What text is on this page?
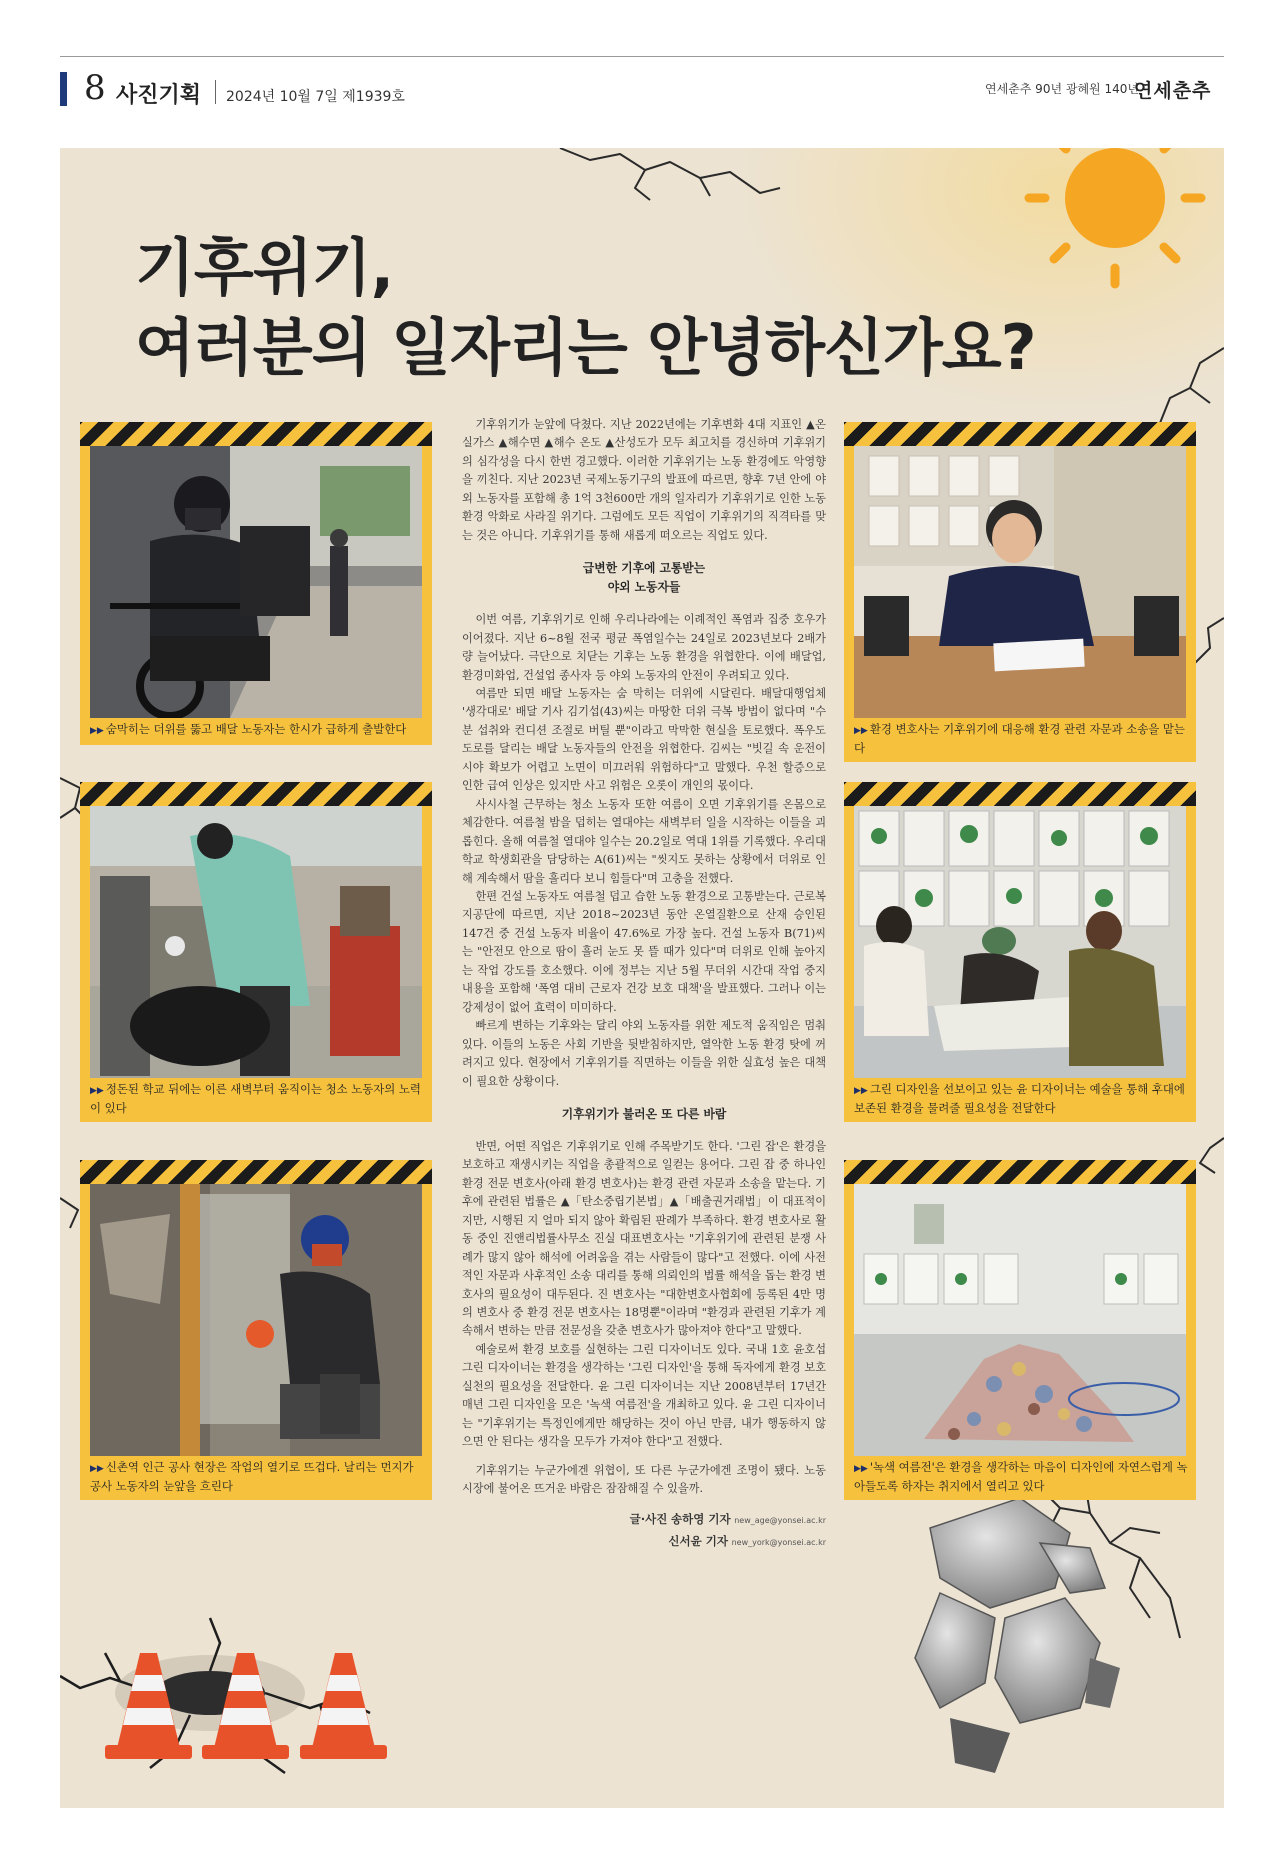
8 사진기획 2024년 10월 7일 제1939호	연세춘추 90년 광혜원 140년
연세춘추
기후위기,
여러분의 일자리는 안녕하신가요?
▶▶ 숨막히는 더위를 뚫고 배달 노동자는 한시가 급하게 출발한다
▶▶ 정돈된 학교 뒤에는 이른 새벽부터 움직이는 청소 노동자의 노력이 있다
▶▶ 신촌역 인근 공사 현장은 작업의 열기로 뜨겁다. 날리는 먼지가 공사 노동자의 눈앞을 흐린다
▶▶ 환경 변호사는 기후위기에 대응해 환경 관련 자문과 소송을 맡는다
▶▶ 그린 디자인을 선보이고 있는 윤 디자이너는 예술을 통해 후대에 보존된 환경을 물려줄 필요성을 전달한다
▶▶ '녹색 여름전'은 환경을 생각하는 마음이 디자인에 자연스럽게 녹아들도록 하자는 취지에서 열리고 있다

기후위기가 눈앞에 닥쳤다. 지난 2022년에는 기후변화 4대 지표인 ▲온실가스 ▲해수면 ▲해수 온도 ▲산성도가 모두 최고치를 경신하며 기후위기의 심각성을 다시 한번 경고했다. 이러한 기후위기는 노동 환경에도 악영향을 끼친다. 지난 2023년 국제노동기구의 발표에 따르면, 향후 7년 안에 야외 노동자를 포함해 총 1억 3천600만 개의 일자리가 기후위기로 인한 노동 환경 악화로 사라질 위기다. 그럼에도 모든 직업이 기후위기의 직격타를 맞는 것은 아니다. 기후위기를 통해 새롭게 떠오르는 직업도 있다.

급변한 기후에 고통받는
야외 노동자들

이번 여름, 기후위기로 인해 우리나라에는 이례적인 폭염과 집중 호우가 이어졌다. 지난 6~8월 전국 평균 폭염일수는 24일로 2023년보다 2배가량 늘어났다. 극단으로 치닫는 기후는 노동 환경을 위협한다. 이에 배달업, 환경미화업, 건설업 종사자 등 야외 노동자의 안전이 우려되고 있다.

여름만 되면 배달 노동자는 숨 막히는 더위에 시달린다. 배달대행업체 '생각대로' 배달 기사 김기섭(43)씨는 마땅한 더위 극복 방법이 없다며 "수분 섭취와 컨디션 조절로 버틸 뿐"이라고 막막한 현실을 토로했다. 폭우도 도로를 달리는 배달 노동자들의 안전을 위협한다. 김씨는 "빗길 속 운전이 시야 확보가 어렵고 노면이 미끄러워 위험하다"고 말했다. 우천 할증으로 인한 급여 인상은 있지만 사고 위험은 오롯이 개인의 몫이다.

사시사철 근무하는 청소 노동자 또한 여름이 오면 기후위기를 온몸으로 체감한다. 여름철 밤을 덥히는 열대야는 새벽부터 일을 시작하는 이들을 괴롭힌다. 올해 여름철 열대야 일수는 20.2일로 역대 1위를 기록했다. 우리대학교 학생회관을 담당하는 A(61)씨는 "씻지도 못하는 상황에서 더위로 인해 계속해서 땀을 흘리다 보니 힘들다"며 고충을 전했다.

한편 건설 노동자도 여름철 덥고 습한 노동 환경으로 고통받는다. 근로복지공단에 따르면, 지난 2018~2023년 동안 온열질환으로 산재 승인된 147건 중 건설 노동자 비율이 47.6%로 가장 높다. 건설 노동자 B(71)씨는 "안전모 안으로 땀이 흘러 눈도 못 뜰 때가 있다"며 더위로 인해 높아지는 작업 강도를 호소했다. 이에 정부는 지난 5월 무더위 시간대 작업 중지 내용을 포함해 '폭염 대비 근로자 건강 보호 대책'을 발표했다. 그러나 이는 강제성이 없어 효력이 미미하다.

빠르게 변하는 기후와는 달리 야외 노동자를 위한 제도적 움직임은 멈춰있다. 이들의 노동은 사회 기반을 뒷받침하지만, 열악한 노동 환경 탓에 꺼려지고 있다. 현장에서 기후위기를 직면하는 이들을 위한 실효성 높은 대책이 필요한 상황이다.

기후위기가 불러온 또 다른 바람

반면, 어떤 직업은 기후위기로 인해 주목받기도 한다. '그린 잡'은 환경을 보호하고 재생시키는 직업을 총괄적으로 일컫는 용어다. 그린 잡 중 하나인 환경 전문 변호사(아래 환경 변호사)는 환경 관련 자문과 소송을 맡는다. 기후에 관련된 법률은 ▲「탄소중립기본법」▲「배출권거래법」이 대표적이지만, 시행된 지 얼마 되지 않아 확립된 판례가 부족하다. 환경 변호사로 활동 중인 진앤리법률사무소 진실 대표변호사는 "기후위기에 관련된 분쟁 사례가 많지 않아 해석에 어려움을 겪는 사람들이 많다"고 전했다. 이에 사전적인 자문과 사후적인 소송 대리를 통해 의뢰인의 법률 해석을 돕는 환경 변호사의 필요성이 대두된다. 진 변호사는 "대한변호사협회에 등록된 4만 명의 변호사 중 환경 전문 변호사는 18명뿐"이라며 "환경과 관련된 기후가 계속해서 변하는 만큼 전문성을 갖춘 변호사가 많아져야 한다"고 말했다.

예술로써 환경 보호를 실현하는 그린 디자이너도 있다. 국내 1호 윤호섭 그린 디자이너는 환경을 생각하는 '그린 디자인'을 통해 독자에게 환경 보호 실천의 필요성을 전달한다. 윤 그린 디자이너는 지난 2008년부터 17년간 매년 그린 디자인을 모은 '녹색 여름전'을 개최하고 있다. 윤 그린 디자이너는 "기후위기는 특정인에게만 해당하는 것이 아닌 만큼, 내가 행동하지 않으면 안 된다는 생각을 모두가 가져야 한다"고 전했다.

기후위기는 누군가에겐 위협이, 또 다른 누군가에겐 조명이 됐다. 노동 시장에 불어온 뜨거운 바람은 잠잠해질 수 있을까.

글·사진 송하영 기자 new_age@yonsei.ac.kr
신서윤 기자 new_york@yonsei.ac.kr
